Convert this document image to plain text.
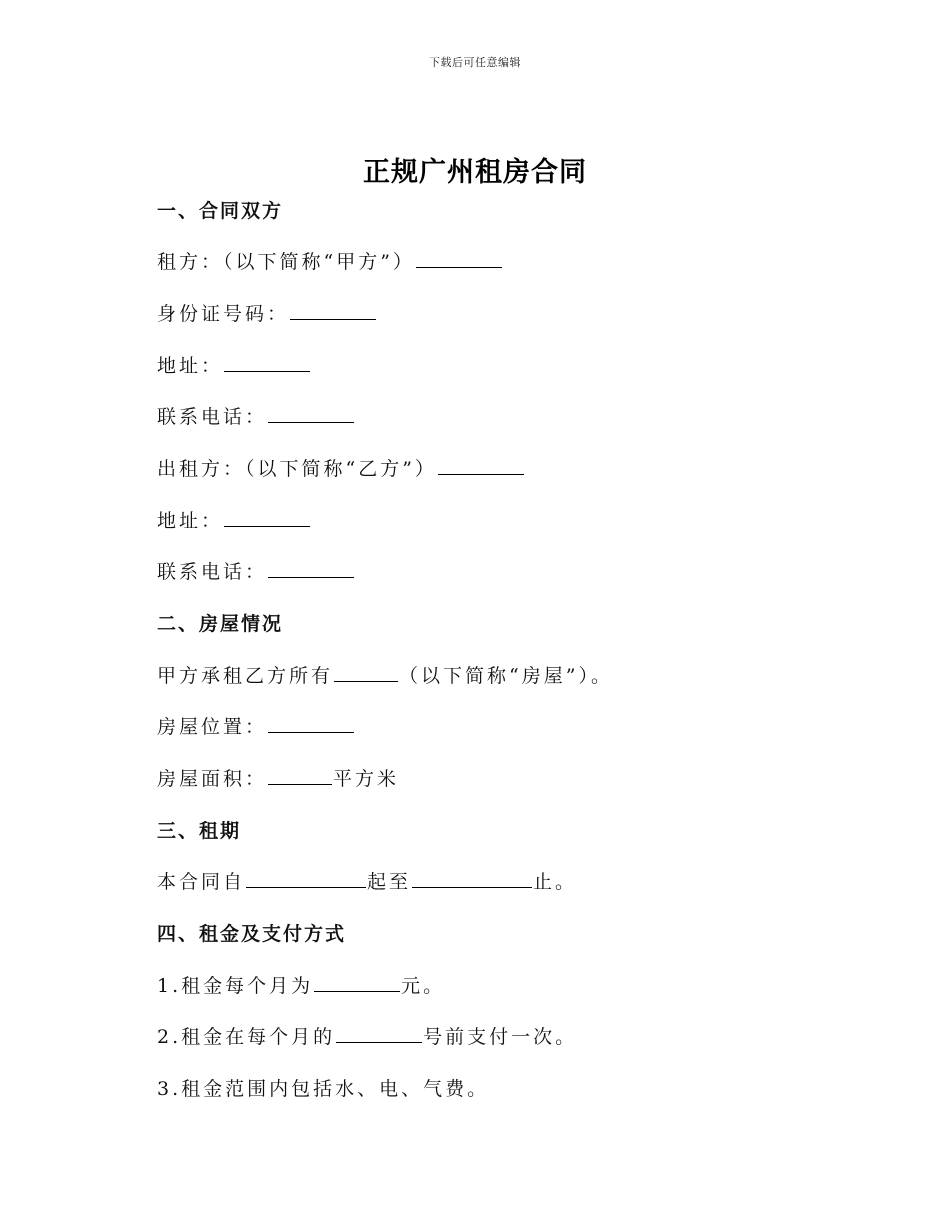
下载后可任意编辑
正规广州租房合同
一、合同双方
租方：（以下简称“甲方”）
身份证号码：
地址：
联系电话：
出租方：（以下简称“乙方”）
地址：
联系电话：
二、房屋情况
甲方承租乙方所有	（以下简称“房屋”）。
房屋位置：
房屋面积：	平方米
三、租期
本合同自	起至	止。
四、租金及支付方式
1.租金每个月为	元。
2.租金在每个月的	号前支付一次。
3.租金范围内包括水、电、气费。
